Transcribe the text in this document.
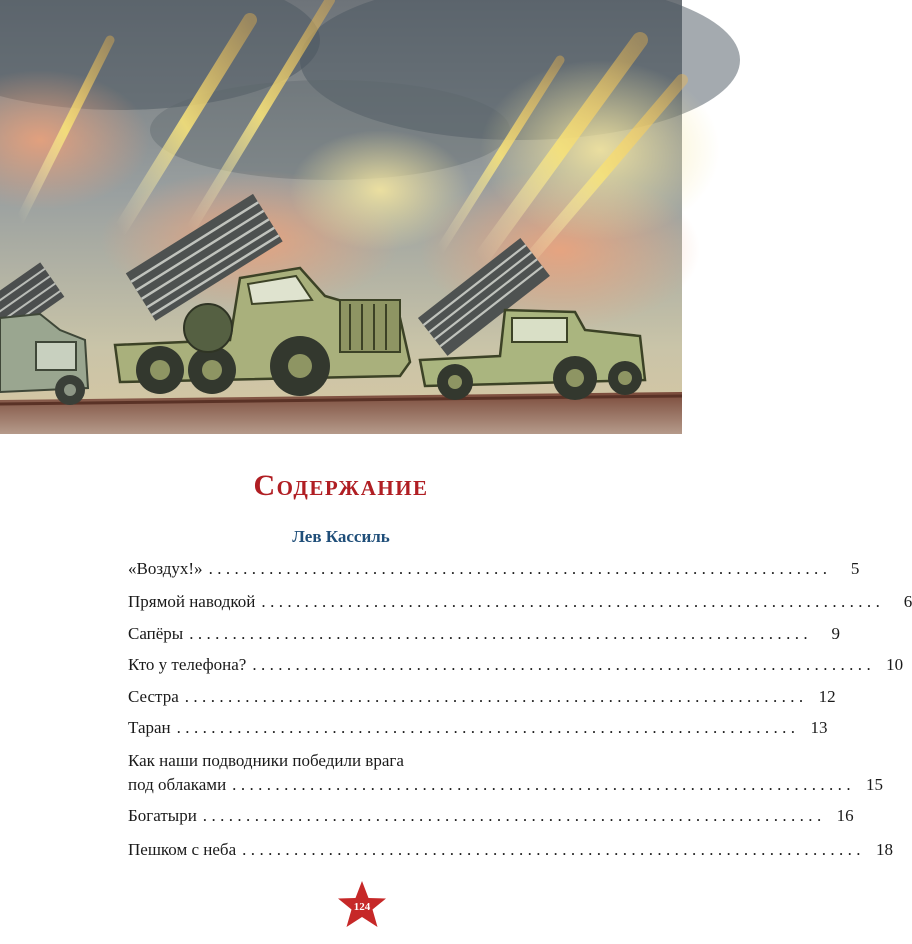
Содержание
Лев Кассиль
«Воздух!» ........................................................................	5
Прямой наводкой ........................................................................	6
Сапёры ........................................................................	9
Кто у телефона? ........................................................................ 10
Сестра ........................................................................ 12
Таран ........................................................................ 13
Как наши подводники победили врага
под облаками ........................................................................ 15
Богатыри ........................................................................ 16
Пешком с неба ........................................................................ 18
124
